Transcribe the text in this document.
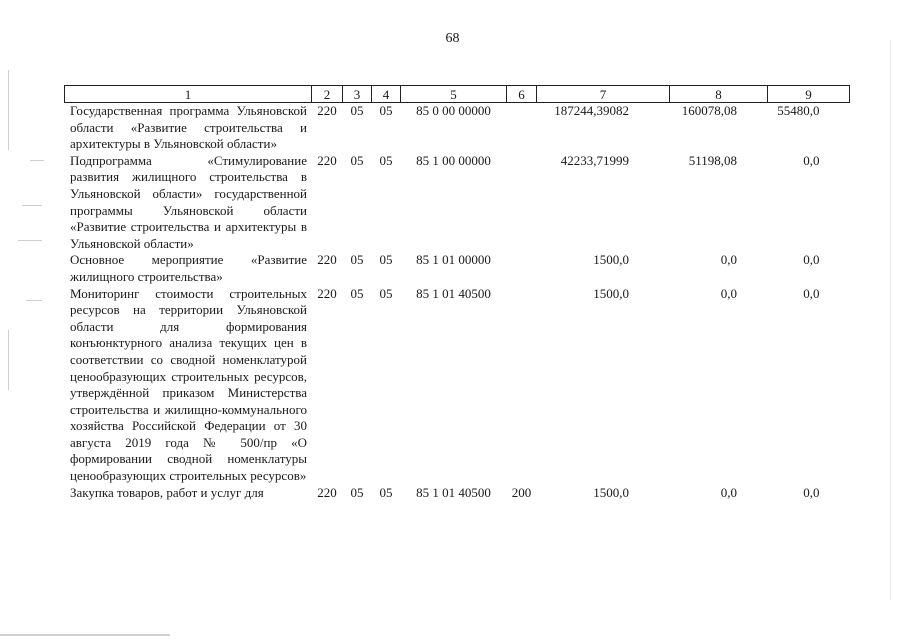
68
1	2	3	4	5	6	7	8	9
Государственная программа Ульяновской области «Развитие строительства и архитектуры в Ульяновской области»	220	05	05	85 0 00 00000		187244,39082	160078,08	55480,0
Подпрограмма «Стимулирование развития жилищного строительства в Ульяновской области» государственной программы Ульяновской области «Развитие строительства и архитектуры в Ульяновской области»	220	05	05	85 1 00 00000		42233,71999	51198,08	0,0
Основное мероприятие «Развитие жилищного строительства»	220	05	05	85 1 01 00000		1500,0	0,0	0,0
Мониторинг стоимости строительных ресурсов на территории Ульяновской области для формирования конъюнктурного анализа текущих цен в соответствии со сводной номенклатурой ценообразующих строительных ресурсов, утверждённой приказом Министерства строительства и жилищно-коммунального хозяйства Российской Федерации от 30 августа 2019 года № 500/пр «О формировании сводной номенклатуры ценообразующих строительных ресурсов»	220	05	05	85 1 01 40500		1500,0	0,0	0,0
Закупка товаров, работ и услуг для	220	05	05	85 1 01 40500	200	1500,0	0,0	0,0
